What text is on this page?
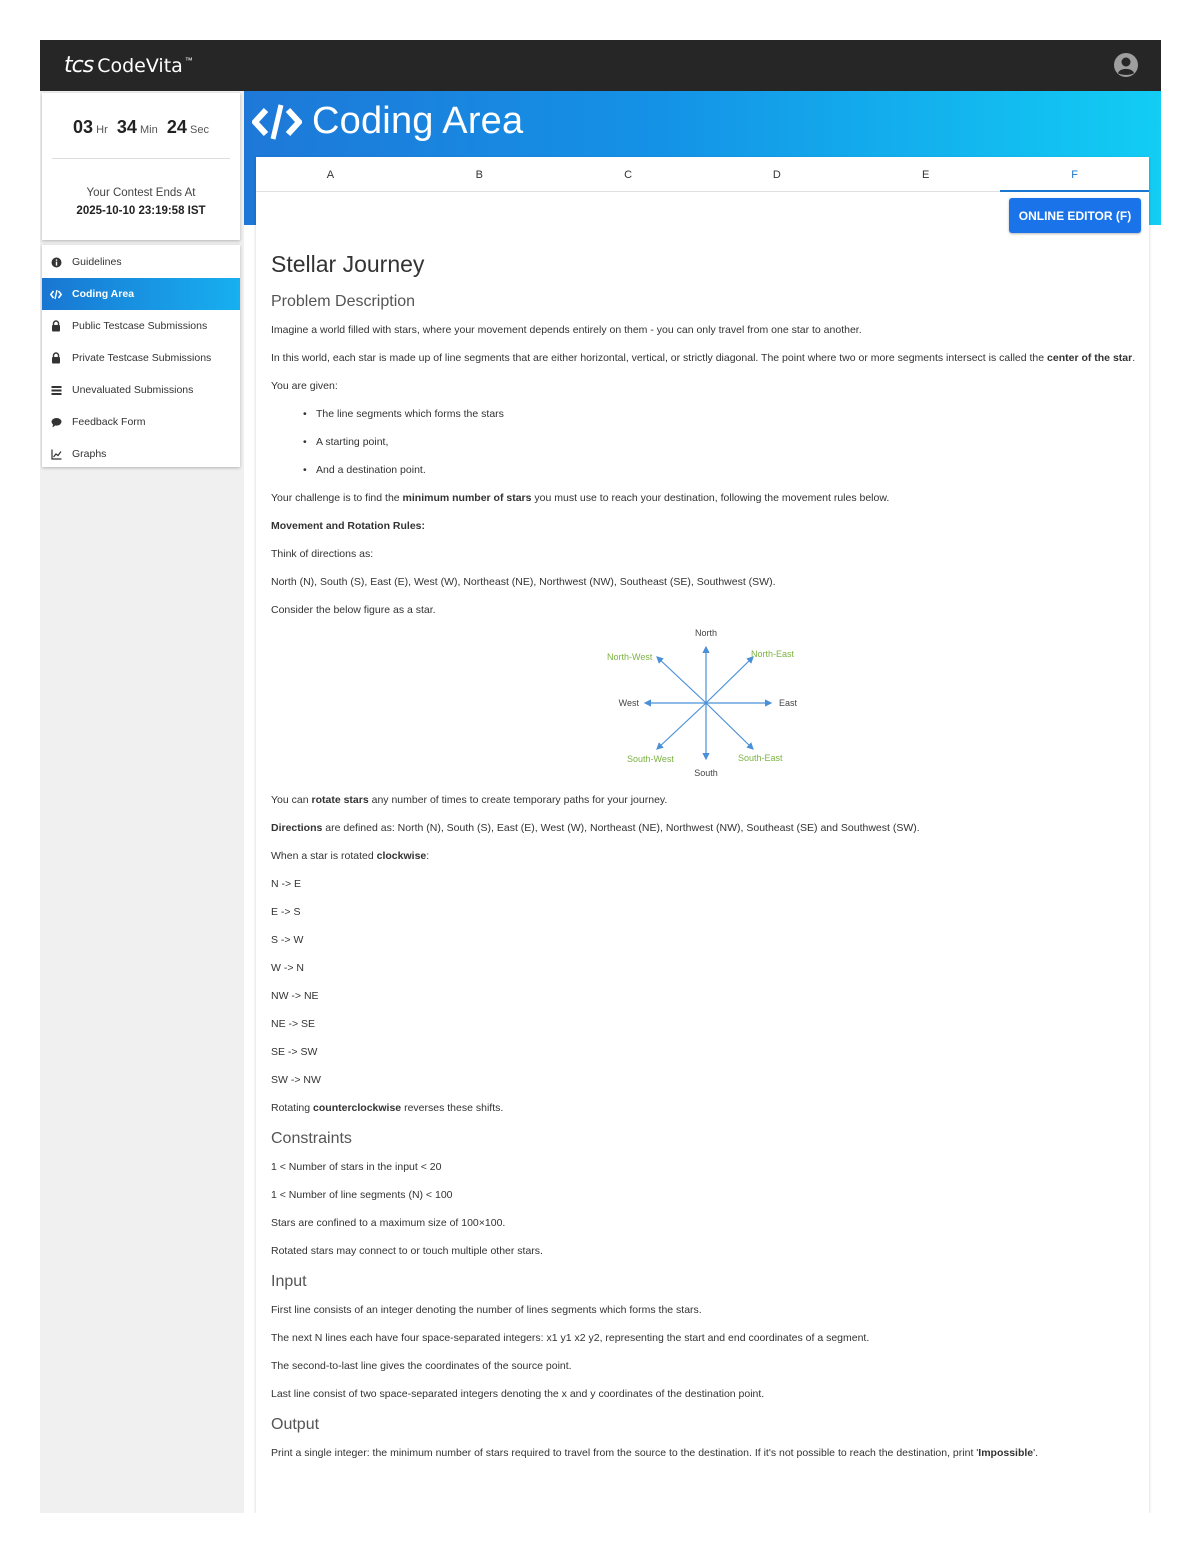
tcs CodeVita ™
03 Hr 34 Min 24 Sec
Your Contest Ends At
2025-10-10 23:19:58 IST
Guidelines
Coding Area
Public Testcase Submissions
Private Testcase Submissions
Unevaluated Submissions
Feedback Form
Graphs
Coding Area
A	B	C	D	E	F
ONLINE EDITOR (F)
Stellar Journey
Problem Description
Imagine a world filled with stars, where your movement depends entirely on them - you can only travel from one star to another.
In this world, each star is made up of line segments that are either horizontal, vertical, or strictly diagonal. The point where two or more segments intersect is called the center of the star.
You are given:
• The line segments which forms the stars
• A starting point,
• And a destination point.
Your challenge is to find the minimum number of stars you must use to reach your destination, following the movement rules below.
Movement and Rotation Rules:
Think of directions as:
North (N), South (S), East (E), West (W), Northeast (NE), Northwest (NW), Southeast (SE), Southwest (SW).
Consider the below figure as a star.
North
South
East
West
North-West	North-East
South-West	South-East
You can rotate stars any number of times to create temporary paths for your journey.
Directions are defined as: North (N), South (S), East (E), West (W), Northeast (NE), Northwest (NW), Southeast (SE) and Southwest (SW).
When a star is rotated clockwise:
N -> E
E -> S
S -> W
W -> N
NW -> NE
NE -> SE
SE -> SW
SW -> NW
Rotating counterclockwise reverses these shifts.
Constraints
1 < Number of stars in the input < 20
1 < Number of line segments (N) < 100
Stars are confined to a maximum size of 100×100.
Rotated stars may connect to or touch multiple other stars.
Input
First line consists of an integer denoting the number of lines segments which forms the stars.
The next N lines each have four space-separated integers: x1 y1 x2 y2, representing the start and end coordinates of a segment.
The second-to-last line gives the coordinates of the source point.
Last line consist of two space-separated integers denoting the x and y coordinates of the destination point.
Output
Print a single integer: the minimum number of stars required to travel from the source to the destination. If it's not possible to reach the destination, print 'Impossible'.
